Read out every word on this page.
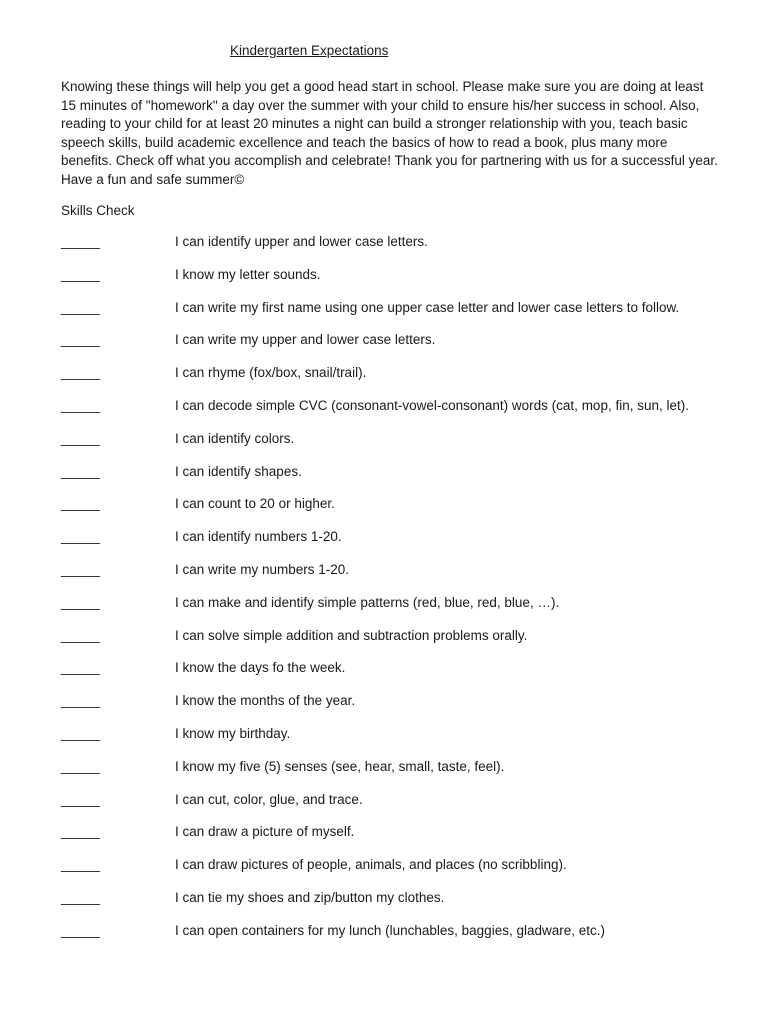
Kindergarten Expectations

Knowing these things will help you get a good head start in school. Please make sure you are doing at least 15 minutes of "homework" a day over the summer with your child to ensure his/her success in school. Also, reading to your child for at least 20 minutes a night can build a stronger relationship with you, teach basic speech skills, build academic excellence and teach the basics of how to read a book, plus many more benefits. Check off what you accomplish and celebrate! Thank you for partnering with us for a successful year. Have a fun and safe summer©

Skills Check
_____	I can identify upper and lower case letters.
_____	I know my letter sounds.
_____	I can write my first name using one upper case letter and lower case letters to follow.
_____	I can write my upper and lower case letters.
_____	I can rhyme (fox/box, snail/trail).
_____	I can decode simple CVC (consonant-vowel-consonant) words (cat, mop, fin, sun, let).
_____	I can identify colors.
_____	I can identify shapes.
_____	I can count to 20 or higher.
_____	I can identify numbers 1-20.
_____	I can write my numbers 1-20.
_____	I can make and identify simple patterns (red, blue, red, blue, …).
_____	I can solve simple addition and subtraction problems orally.
_____	I know the days fo the week.
_____	I know the months of the year.
_____	I know my birthday.
_____	I know my five (5) senses (see, hear, small, taste, feel).
_____	I can cut, color, glue, and trace.
_____	I can draw a picture of myself.
_____	I can draw pictures of people, animals, and places (no scribbling).
_____	I can tie my shoes and zip/button my clothes.
_____	I can open containers for my lunch (lunchables, baggies, gladware, etc.)
